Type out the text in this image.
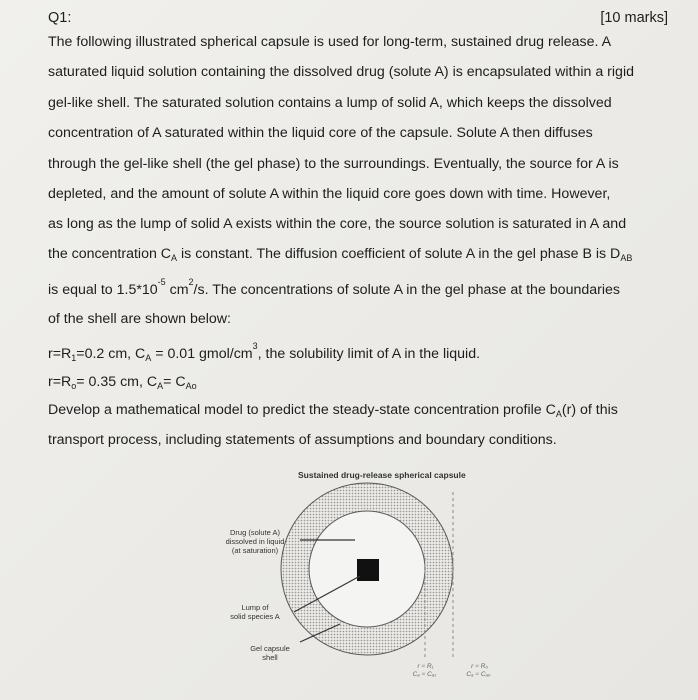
Q1:	[10 marks]
The following illustrated spherical capsule is used for long-term, sustained drug release. A
saturated liquid solution containing the dissolved drug (solute A) is encapsulated within a rigid
gel-like shell. The saturated solution contains a lump of solid A, which keeps the dissolved
concentration of A saturated within the liquid core of the capsule. Solute A then diffuses
through the gel-like shell (the gel phase) to the surroundings. Eventually, the source for A is
depleted, and the amount of solute A within the liquid core goes down with time. However,
as long as the lump of solid A exists within the core, the source solution is saturated in A and
the concentration $C_A$ is constant. The diffusion coefficient of solute A in the gel phase B is $D_{AB}$
is equal to $1.5*10^{-5}$ $cm^2/s$. The concentrations of solute A in the gel phase at the boundaries
of the shell are shown below:
$r=R_1=0.2$ cm, $C_A = 0.01$ gmol/$cm^3$, the solubility limit of A in the liquid.
$r=R_o= 0.35$ cm, $C_A= C_{Ao}$
Develop a mathematical model to predict the steady-state concentration profile $C_A(r)$ of this
transport process, including statements of assumptions and boundary conditions.
Sustained drug-release spherical capsule
Drug (solute A)
dissolved in liquid
(at saturation)
Lump of
solid species A
Gel capsule
shell
r = R₁
Cₐ = Cₐ₁
r = R₀
Cₐ = Cₐ₀
